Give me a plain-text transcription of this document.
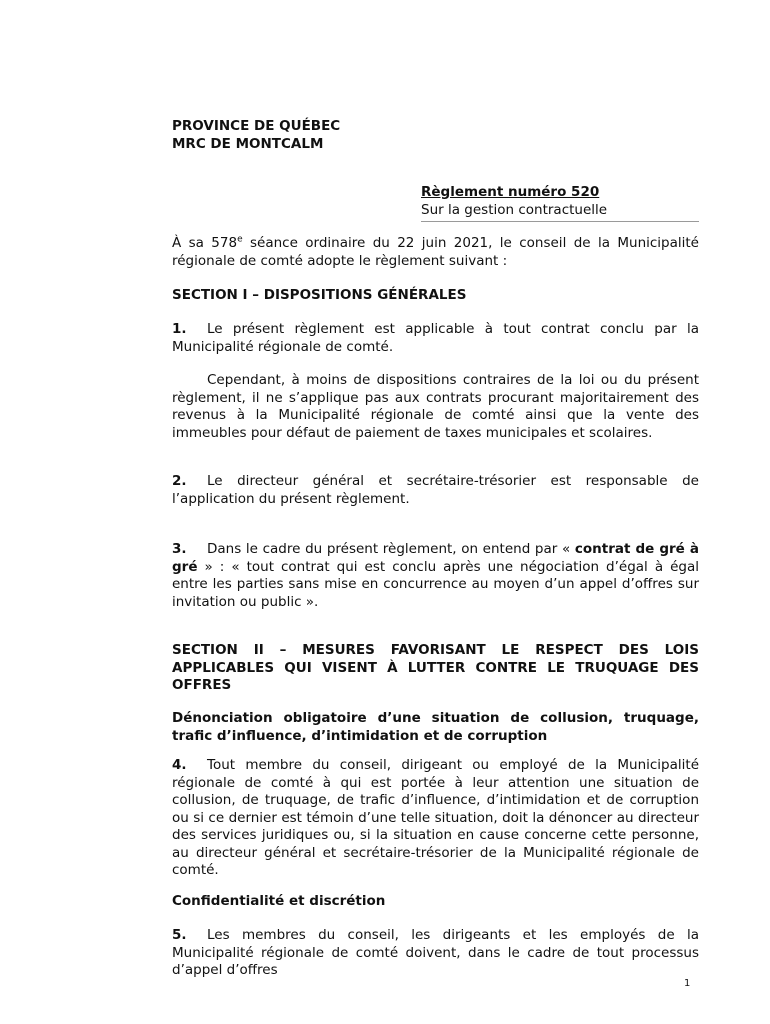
PROVINCE DE QUÉBEC
MRC DE MONTCALM

Règlement numéro 520
Sur la gestion contractuelle

À sa 578e séance ordinaire du 22 juin 2021, le conseil de la Municipalité régionale de comté adopte le règlement suivant :

SECTION I – DISPOSITIONS GÉNÉRALES

1. Le présent règlement est applicable à tout contrat conclu par la Municipalité régionale de comté.

Cependant, à moins de dispositions contraires de la loi ou du présent règlement, il ne s’applique pas aux contrats procurant majoritairement des revenus à la Municipalité régionale de comté ainsi que la vente des immeubles pour défaut de paiement de taxes municipales et scolaires.

2. Le directeur général et secrétaire-trésorier est responsable de l’application du présent règlement.

3. Dans le cadre du présent règlement, on entend par « contrat de gré à gré » : « tout contrat qui est conclu après une négociation d’égal à égal entre les parties sans mise en concurrence au moyen d’un appel d’offres sur invitation ou public ».

SECTION II – MESURES FAVORISANT LE RESPECT DES LOIS APPLICABLES QUI VISENT À LUTTER CONTRE LE TRUQUAGE DES OFFRES

Dénonciation obligatoire d’une situation de collusion, truquage, trafic d’influence, d’intimidation et de corruption

4. Tout membre du conseil, dirigeant ou employé de la Municipalité régionale de comté à qui est portée à leur attention une situation de collusion, de truquage, de trafic d’influence, d’intimidation et de corruption ou si ce dernier est témoin d’une telle situation, doit la dénoncer au directeur des services juridiques ou, si la situation en cause concerne cette personne, au directeur général et secrétaire-trésorier de la Municipalité régionale de comté.

Confidentialité et discrétion

5. Les membres du conseil, les dirigeants et les employés de la Municipalité régionale de comté doivent, dans le cadre de tout processus d’appel d’offres

1
